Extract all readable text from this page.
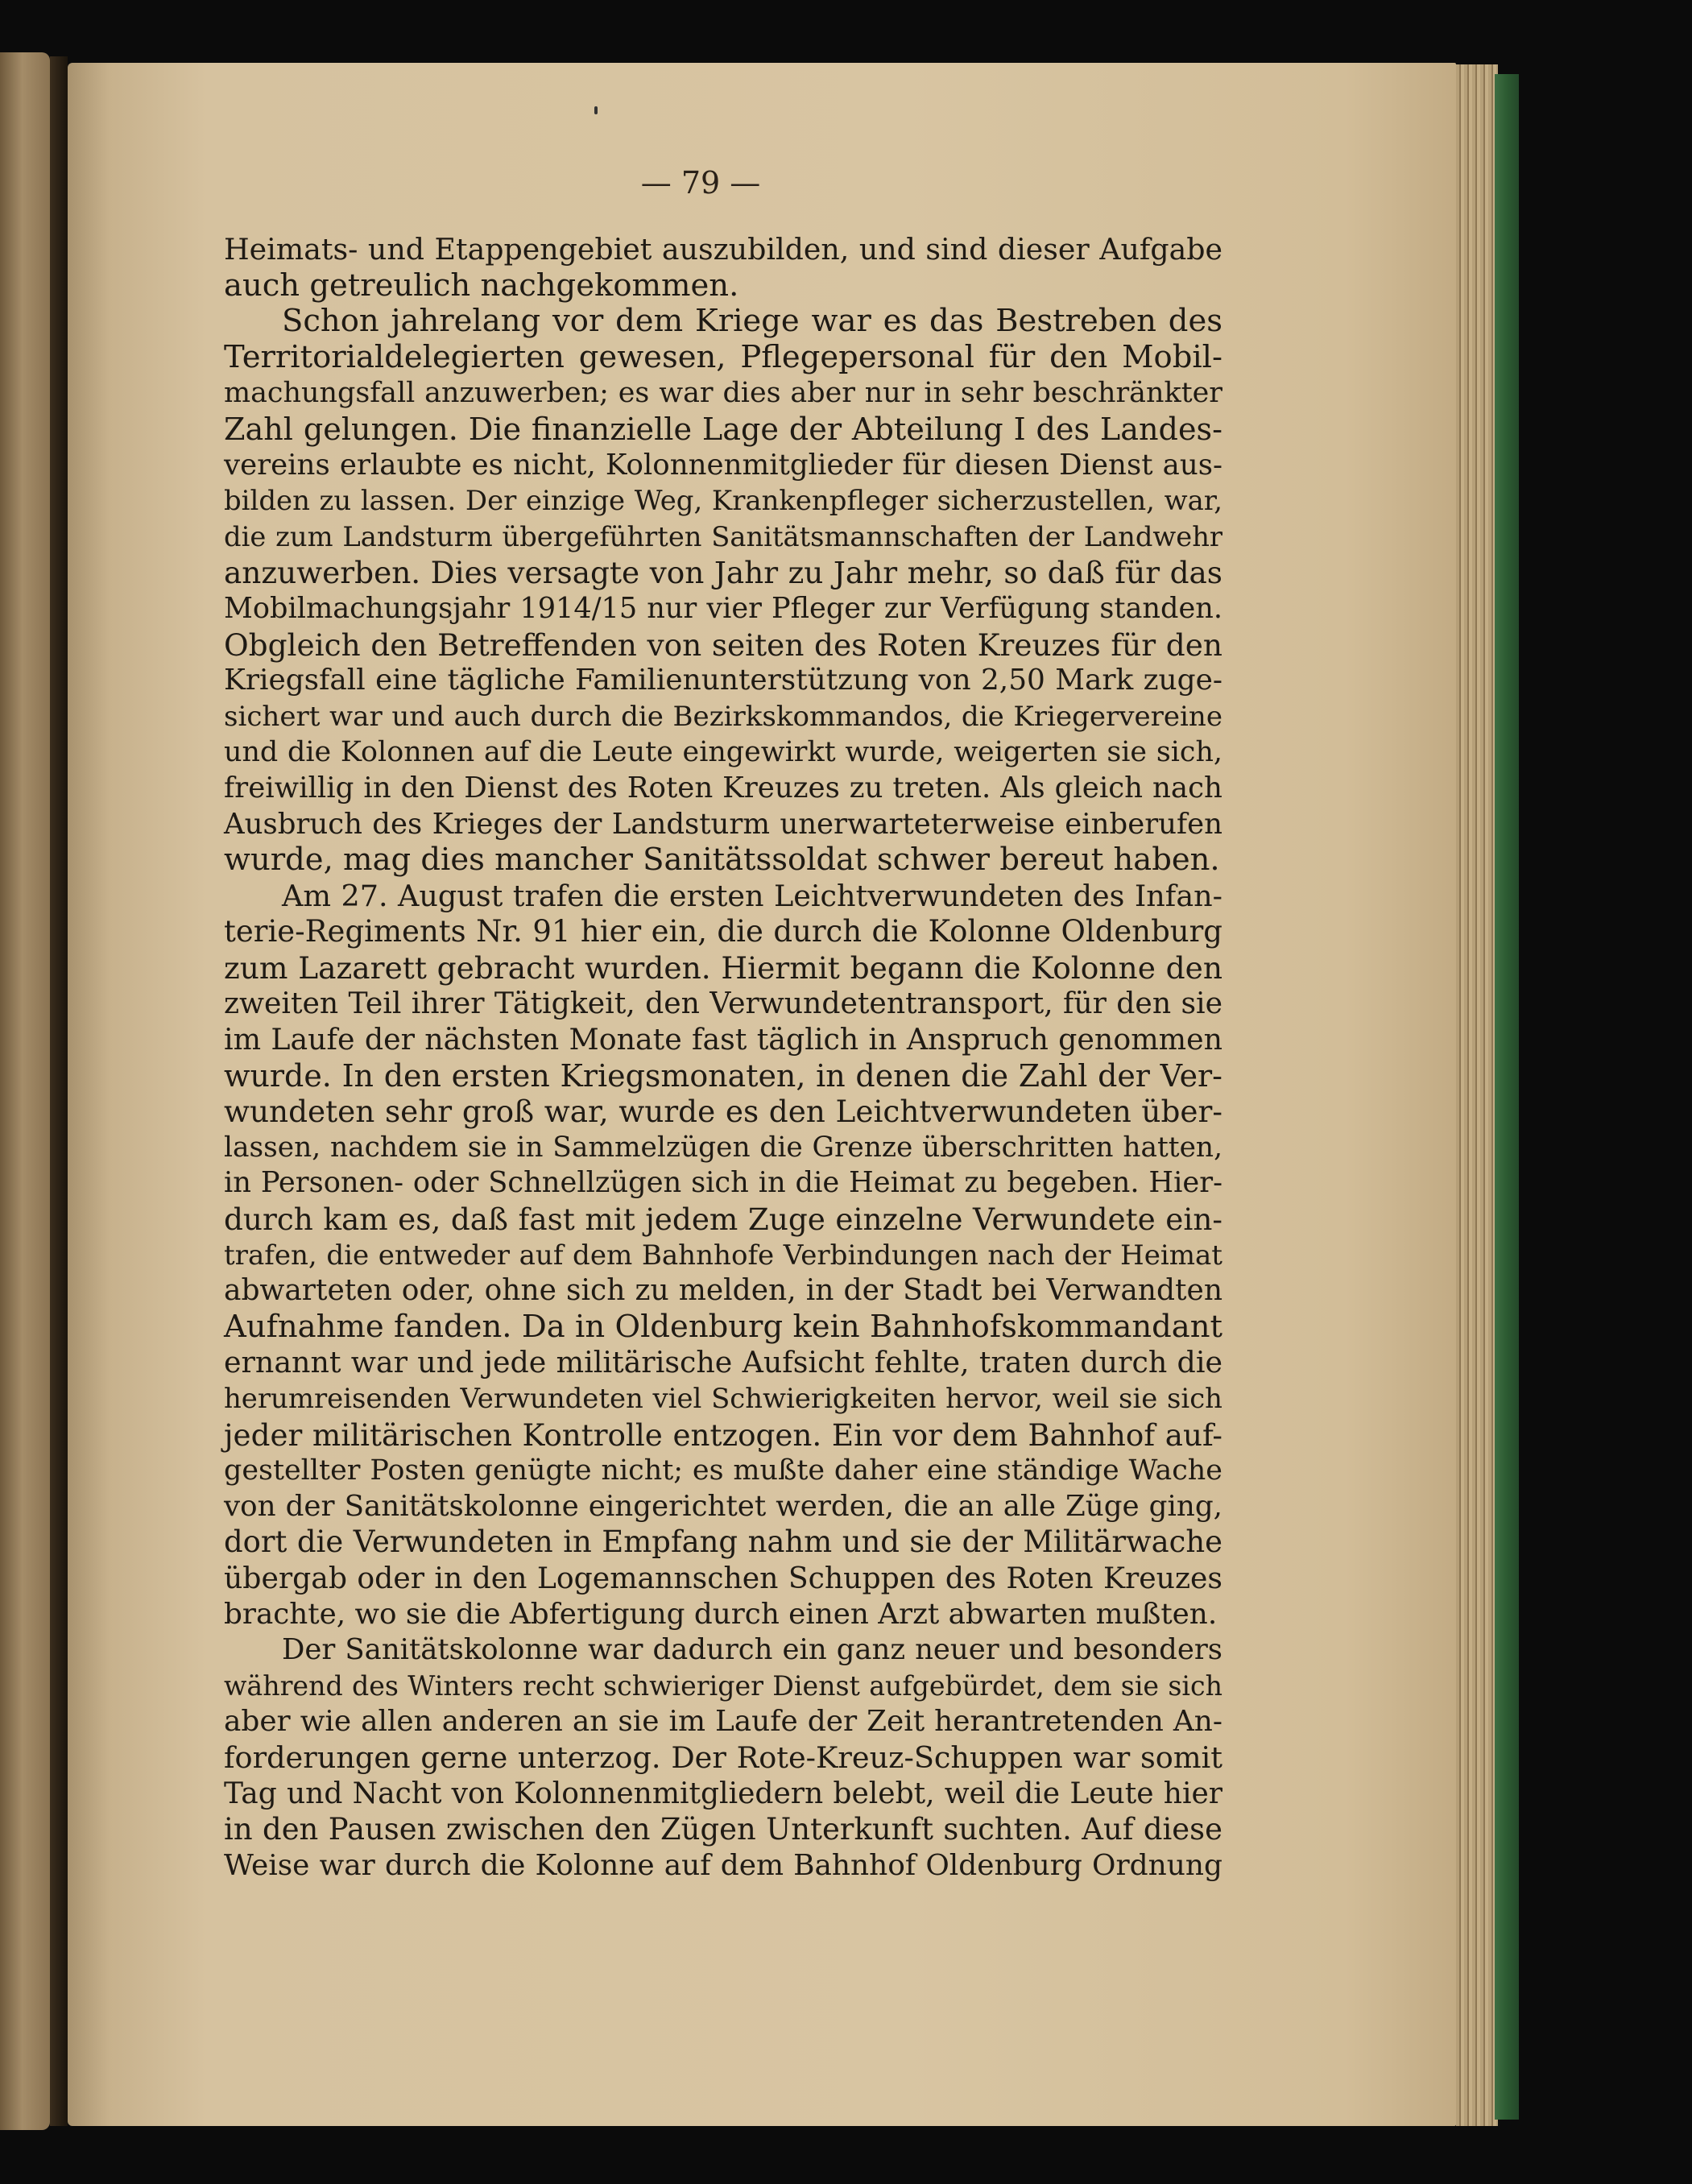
— 79 —
Heimats- und Etappengebiet auszubilden, und sind dieser Aufgabe
auch getreulich nachgekommen.
Schon jahrelang vor dem Kriege war es das Bestreben des
Territorialdelegierten gewesen, Pflegepersonal für den Mobil-
machungsfall anzuwerben; es war dies aber nur in sehr beschränkter
Zahl gelungen. Die finanzielle Lage der Abteilung I des Landes-
vereins erlaubte es nicht, Kolonnenmitglieder für diesen Dienst aus-
bilden zu lassen. Der einzige Weg, Krankenpfleger sicherzustellen, war,
die zum Landsturm übergeführten Sanitätsmannschaften der Landwehr
anzuwerben. Dies versagte von Jahr zu Jahr mehr, so daß für das
Mobilmachungsjahr 1914/15 nur vier Pfleger zur Verfügung standen.
Obgleich den Betreffenden von seiten des Roten Kreuzes für den
Kriegsfall eine tägliche Familienunterstützung von 2,50 Mark zuge-
sichert war und auch durch die Bezirkskommandos, die Kriegervereine
und die Kolonnen auf die Leute eingewirkt wurde, weigerten sie sich,
freiwillig in den Dienst des Roten Kreuzes zu treten. Als gleich nach
Ausbruch des Krieges der Landsturm unerwarteterweise einberufen
wurde, mag dies mancher Sanitätssoldat schwer bereut haben.
Am 27. August trafen die ersten Leichtverwundeten des Infan-
terie-Regiments Nr. 91 hier ein, die durch die Kolonne Oldenburg
zum Lazarett gebracht wurden. Hiermit begann die Kolonne den
zweiten Teil ihrer Tätigkeit, den Verwundetentransport, für den sie
im Laufe der nächsten Monate fast täglich in Anspruch genommen
wurde. In den ersten Kriegsmonaten, in denen die Zahl der Ver-
wundeten sehr groß war, wurde es den Leichtverwundeten über-
lassen, nachdem sie in Sammelzügen die Grenze überschritten hatten,
in Personen- oder Schnellzügen sich in die Heimat zu begeben. Hier-
durch kam es, daß fast mit jedem Zuge einzelne Verwundete ein-
trafen, die entweder auf dem Bahnhofe Verbindungen nach der Heimat
abwarteten oder, ohne sich zu melden, in der Stadt bei Verwandten
Aufnahme fanden. Da in Oldenburg kein Bahnhofskommandant
ernannt war und jede militärische Aufsicht fehlte, traten durch die
herumreisenden Verwundeten viel Schwierigkeiten hervor, weil sie sich
jeder militärischen Kontrolle entzogen. Ein vor dem Bahnhof auf-
gestellter Posten genügte nicht; es mußte daher eine ständige Wache
von der Sanitätskolonne eingerichtet werden, die an alle Züge ging,
dort die Verwundeten in Empfang nahm und sie der Militärwache
übergab oder in den Logemannschen Schuppen des Roten Kreuzes
brachte, wo sie die Abfertigung durch einen Arzt abwarten mußten.
Der Sanitätskolonne war dadurch ein ganz neuer und besonders
während des Winters recht schwieriger Dienst aufgebürdet, dem sie sich
aber wie allen anderen an sie im Laufe der Zeit herantretenden An-
forderungen gerne unterzog. Der Rote-Kreuz-Schuppen war somit
Tag und Nacht von Kolonnenmitgliedern belebt, weil die Leute hier
in den Pausen zwischen den Zügen Unterkunft suchten. Auf diese
Weise war durch die Kolonne auf dem Bahnhof Oldenburg Ordnung
